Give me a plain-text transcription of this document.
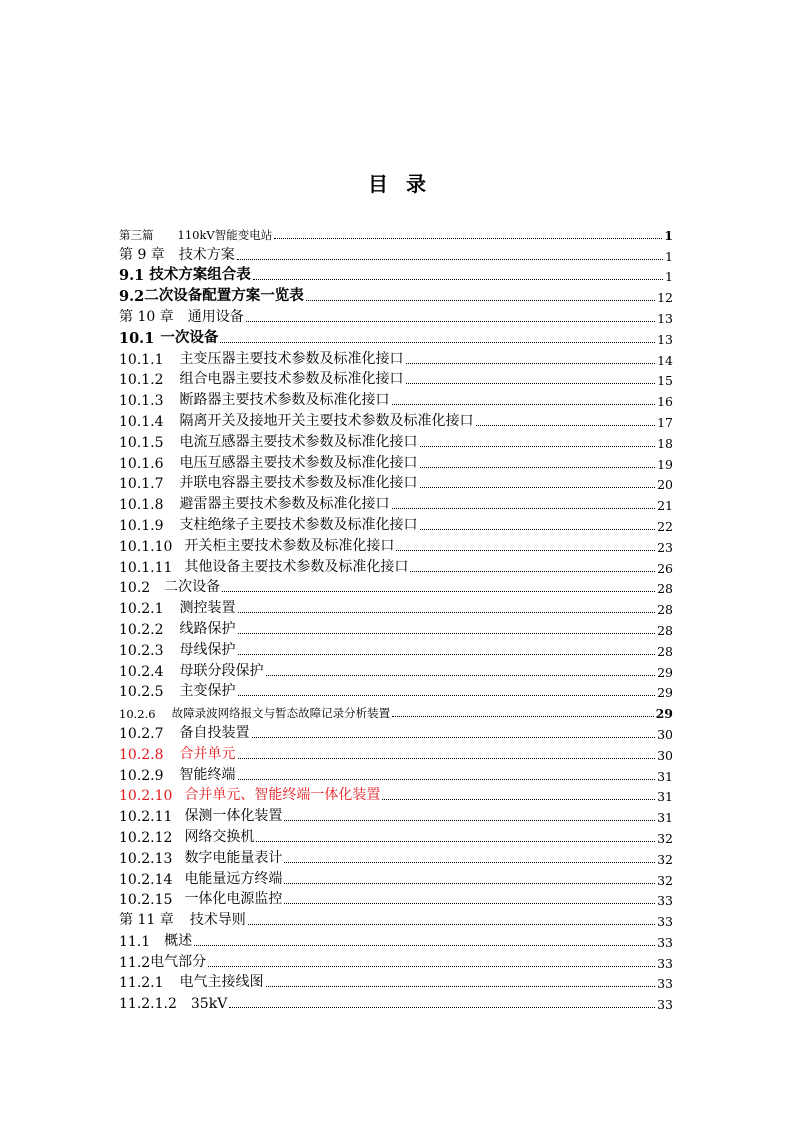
目 录
第三篇 110kV智能变电站	1
第 9 章 技术方案	1
9.1 技术方案组合表	1
9.2 二次设备配置方案一览表	12
第 10 章 通用设备	13
10.1 一次设备	13
10.1.1 主变压器主要技术参数及标准化接口	14
10.1.2 组合电器主要技术参数及标准化接口	15
10.1.3 断路器主要技术参数及标准化接口	16
10.1.4 隔离开关及接地开关主要技术参数及标准化接口	17
10.1.5 电流互感器主要技术参数及标准化接口	18
10.1.6 电压互感器主要技术参数及标准化接口	19
10.1.7 并联电容器主要技术参数及标准化接口	20
10.1.8 避雷器主要技术参数及标准化接口	21
10.1.9 支柱绝缘子主要技术参数及标准化接口	22
10.1.10 开关柜主要技术参数及标准化接口	23
10.1.11 其他设备主要技术参数及标准化接口	26
10.2 二次设备	28
10.2.1 测控装置	28
10.2.2 线路保护	28
10.2.3 母线保护	28
10.2.4 母联分段保护	29
10.2.5 主变保护	29
10.2.6 故障录波网络报文与暂态故障记录分析装置	29
10.2.7 备自投装置	30
10.2.8 合并单元	30
10.2.9 智能终端	31
10.2.10 合并单元、智能终端一体化装置	31
10.2.11 保测一体化装置	31
10.2.12 网络交换机	32
10.2.13 数字电能量表计	32
10.2.14 电能量远方终端	32
10.2.15 一体化电源监控	33
第 11 章 技术导则	33
11.1 概述	33
11.2 电气部分	33
11.2.1 电气主接线图	33
11.2.1.2 35kV	33
